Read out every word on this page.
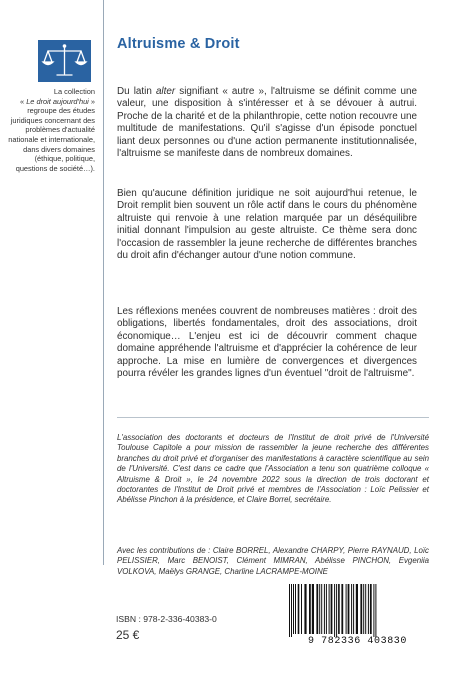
La collection
« Le droit aujourd'hui »
regroupe des études juridiques concernant des problèmes d'actualité nationale et internationale, dans divers domaines (éthique, politique, questions de société…).
Altruisme & Droit
Du latin alter signifiant « autre », l'altruisme se définit comme une valeur, une disposition à s'intéresser et à se dévouer à autrui. Proche de la charité et de la philanthropie, cette notion recouvre une multitude de manifestations. Qu'il s'agisse d'un épisode ponctuel liant deux personnes ou d'une action permanente institutionnalisée, l'altruisme se manifeste dans de nombreux domaines.
Bien qu'aucune définition juridique ne soit aujourd'hui retenue, le Droit remplit bien souvent un rôle actif dans le cours du phénomène altruiste qui renvoie à une relation marquée par un déséquilibre initial donnant l'impulsion au geste altruiste. Ce thème sera donc l'occasion de rassembler la jeune recherche de différentes branches du droit afin d'échanger autour d'une notion commune.
Les réflexions menées couvrent de nombreuses matières : droit des obligations, libertés fondamentales, droit des associations, droit économique… L'enjeu est ici de découvrir comment chaque domaine appréhende l'altruisme et d'apprécier la cohérence de leur approche. La mise en lumière de convergences et divergences pourra révéler les grandes lignes d'un éventuel "droit de l'altruisme".
L'association des doctorants et docteurs de l'Institut de droit privé de l'Université Toulouse Capitole a pour mission de rassembler la jeune recherche des différentes branches du droit privé et d'organiser des manifestations à caractère scientifique au sein de l'Université. C'est dans ce cadre que l'Association a tenu son quatrième colloque « Altruisme & Droit », le 24 novembre 2022 sous la direction de trois doctorant et doctorantes de l'Institut de Droit privé et membres de l'Association : Loïc Pelissier et Abélisse Pinchon à la présidence, et Claire Borrel, secrétaire.
Avec les contributions de : Claire BORREL, Alexandre CHARPY, Pierre RAYNAUD, Loïc PELISSIER, Marc BENOIST, Clément MIMRAN, Abélisse PINCHON, Evgeniia VOLKOVA, Maëlys GRANGE, Charline LACRAMPE-MOINE
ISBN : 978-2-336-40383-0
25 €	9 782336 403830
